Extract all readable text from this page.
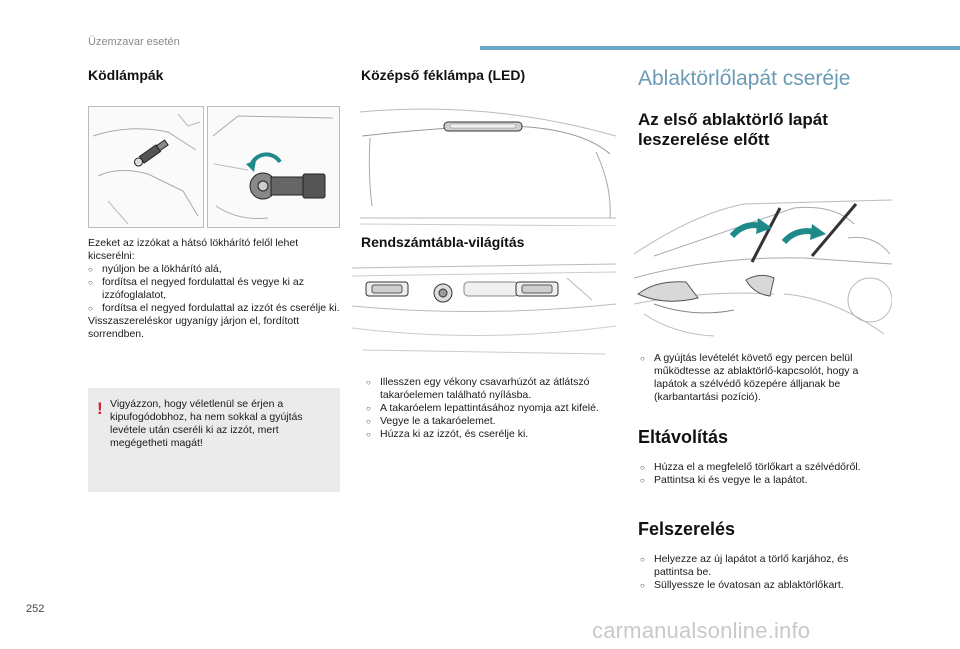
Üzemzavar esetén
Ködlámpák

Ezeket az izzókat a hátsó lökhárító felől lehet kicserélni:

○ nyúljon be a lökhárító alá,

○ fordítsa el negyed fordulattal és vegye ki az izzófoglalatot,

○ fordítsa el negyed fordulattal az izzót és cserélje ki.

Visszaszereléskor ugyanígy járjon el, fordított sorrendben.

! Vigyázzon, hogy véletlenül se érjen a kipufogódobhoz, ha nem sokkal a gyújtás levétele után cseréli ki az izzót, mert megégetheti magát!
Középső féklámpa (LED)
Rendszámtábla-világítás

○ Illesszen egy vékony csavarhúzót az átlátszó takaróelemen található nyílásba.

○ A takaróelem lepattintásához nyomja azt kifelé.

○ Vegye le a takaróelemet.

○ Húzza ki az izzót, és cserélje ki.

Ablaktörlőlapát cseréje
Az első ablaktörlő lapát leszerelése előtt

○ A gyújtás levételét követő egy percen belül működtesse az ablaktörlő-kapcsolót, hogy a lapátok a szélvédő közepére álljanak be (karbantartási pozíció).

Eltávolítás

○ Húzza el a megfelelő törlőkart a szélvédőről.

○ Pattintsa ki és vegye le a lapátot.

Felszerelés

○ Helyezze az új lapátot a törlő karjához, és pattintsa be.

○ Süllyessze le óvatosan az ablaktörlőkart.

252
carmanualsonline.info
